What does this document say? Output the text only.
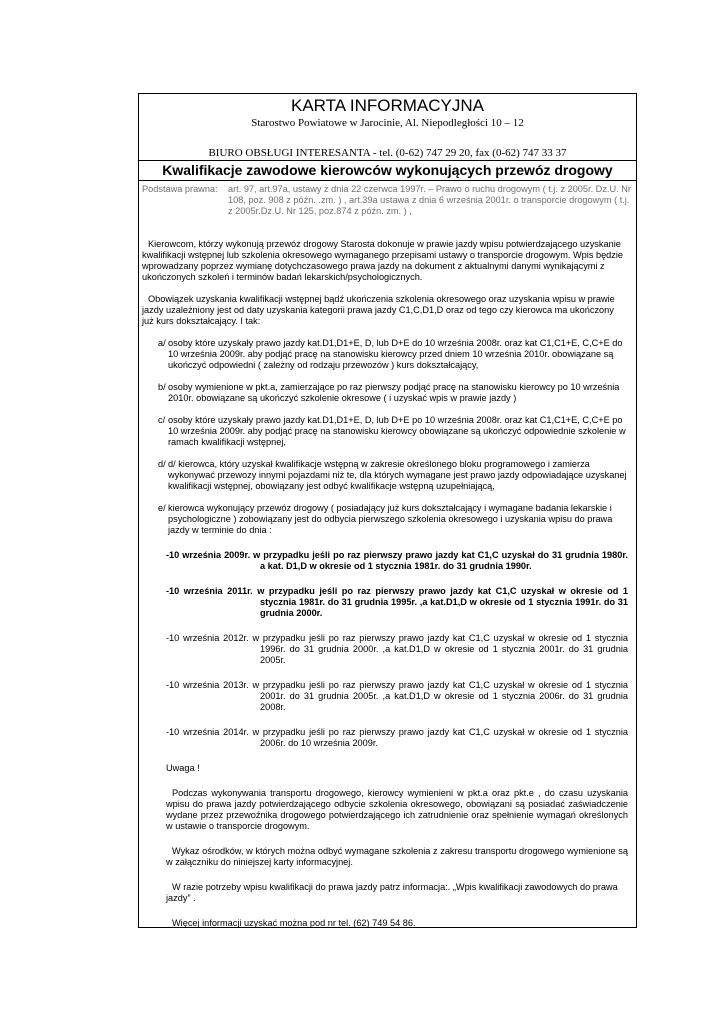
KARTA INFORMACYJNA
Starostwo Powiatowe w Jarocinie, Al. Niepodległości 10 – 12
BIURO OBSŁUGI INTERESANTA - tel. (0-62) 747 29 20, fax (0-62) 747 33 37
Kwalifikacje zawodowe kierowców wykonujących przewóz drogowy
Podstawa prawna: art. 97, art.97a, ustawy z dnia 22 czerwca 1997r. – Prawo o ruchu drogowym ( t.j. z 2005r. Dz.U. Nr 108, poz. 908 z późn. .zm. ) , art.39a ustawa z dnia 6 września 2001r. o transporcie drogowym ( t.j. z 2005r.Dz.U. Nr 125, poz.874 z późn. zm. ) ,

Kierowcom, którzy wykonują przewóz drogowy Starosta dokonuje w prawie jazdy wpisu potwierdzającego uzyskanie kwalifikacji wstępnej lub szkolenia okresowego wymaganego przepisami ustawy o transporcie drogowym. Wpis będzie wprowadzany poprzez wymianę dotychczasowego prawa jazdy na dokument z aktualnymi danymi wynikającymi z ukończonych szkoleń i terminów badań lekarskich/psychologicznych.

Obowiązek uzyskania kwalifikacji wstępnej bądź ukończenia szkolenia okresowego oraz uzyskania wpisu w prawie jazdy uzależniony jest od daty uzyskania kategorii prawa jazdy C1,C,D1,D oraz od tego czy kierowca ma ukończony już kurs dokształcający. I tak:

a/ osoby które uzyskały prawo jazdy kat.D1,D1+E, D, lub D+E do 10 września 2008r. oraz kat C1,C1+E, C,C+E do 10 września 2009r. aby podjąć pracę na stanowisku kierowcy przed dniem 10 września 2010r. obowiązane są ukończyć odpowiedni ( zależny od rodzaju przewozów ) kurs dokształcający,
b/ osoby wymienione w pkt.a, zamierzające po raz pierwszy podjąć pracę na stanowisku kierowcy po 10 września 2010r. obowiązane są ukończyć szkolenie okresowe ( i uzyskać wpis w prawie jazdy )
c/ osoby które uzyskały prawo jazdy kat.D1,D1+E, D, lub D+E po 10 września 2008r. oraz kat C1,C1+E, C,C+E po 10 września 2009r. aby podjąć pracę na stanowisku kierowcy obowiązane są ukończyć odpowiednie szkolenie w ramach kwalifikacji wstępnej,
d/ d/ kierowca, który uzyskał kwalifikacje wstępną w zakresie określonego bloku programowego i zamierza wykonywać przewozy innymi pojazdami niż te, dla których wymagane jest prawo jazdy odpowiadające uzyskanej kwalifikacji wstępnej, obowiązany jest odbyć kwalifikacje wstępną uzupełniającą,
e/ kierowca wykonujący przewóz drogowy ( posiadający już kurs dokształcający i wymagane badania lekarskie i psychologiczne ) zobowiązany jest do odbycia pierwszego szkolenia okresowego i uzyskania wpisu do prawa jazdy w terminie do dnia :
-10 września 2009r. w przypadku jeśli po raz pierwszy prawo jazdy kat C1,C uzyskał do 31 grudnia 1980r. a kat. D1,D w okresie od 1 stycznia 1981r. do 31 grudnia 1990r.
-10 września 2011r. w przypadku jeśli po raz pierwszy prawo jazdy kat C1,C uzyskał w okresie od 1 stycznia 1981r. do 31 grudnia 1995r. ,a kat.D1,D w okresie od 1 stycznia 1991r. do 31 grudnia 2000r.
-10 września 2012r. w przypadku jeśli po raz pierwszy prawo jazdy kat C1,C uzyskał w okresie od 1 stycznia 1996r. do 31 grudnia 2000r. ,a kat.D1,D w okresie od 1 stycznia 2001r. do 31 grudnia 2005r.
-10 września 2013r. w przypadku jeśli po raz pierwszy prawo jazdy kat C1,C uzyskał w okresie od 1 stycznia 2001r. do 31 grudnia 2005r. ,a kat.D1,D w okresie od 1 stycznia 2006r. do 31 grudnia 2008r.
-10 września 2014r. w przypadku jeśli po raz pierwszy prawo jazdy kat C1,C uzyskał w okresie od 1 stycznia 2006r. do 10 września 2009r.

Uwaga !

Podczas wykonywania transportu drogowego, kierowcy wymienieni w pkt.a oraz pkt.e , do czasu uzyskania wpisu do prawa jazdy potwierdzającego odbycie szkolenia okresowego, obowiązani są posiadać zaświadczenie wydane przez przewoźnika drogowego potwierdzającego ich zatrudnienie oraz spełnienie wymagań określonych w ustawie o transporcie drogowym.

Wykaz ośrodków, w których można odbyć wymagane szkolenia z zakresu transportu drogowego wymienione są w załączniku do niniejszej karty informacyjnej.

W razie potrzeby wpisu kwalifikacji do prawa jazdy patrz informacja:. „Wpis kwalifikacji zawodowych do prawa jazdy” .

Więcej informacji uzyskać można pod nr tel. (62) 749 54 86.
